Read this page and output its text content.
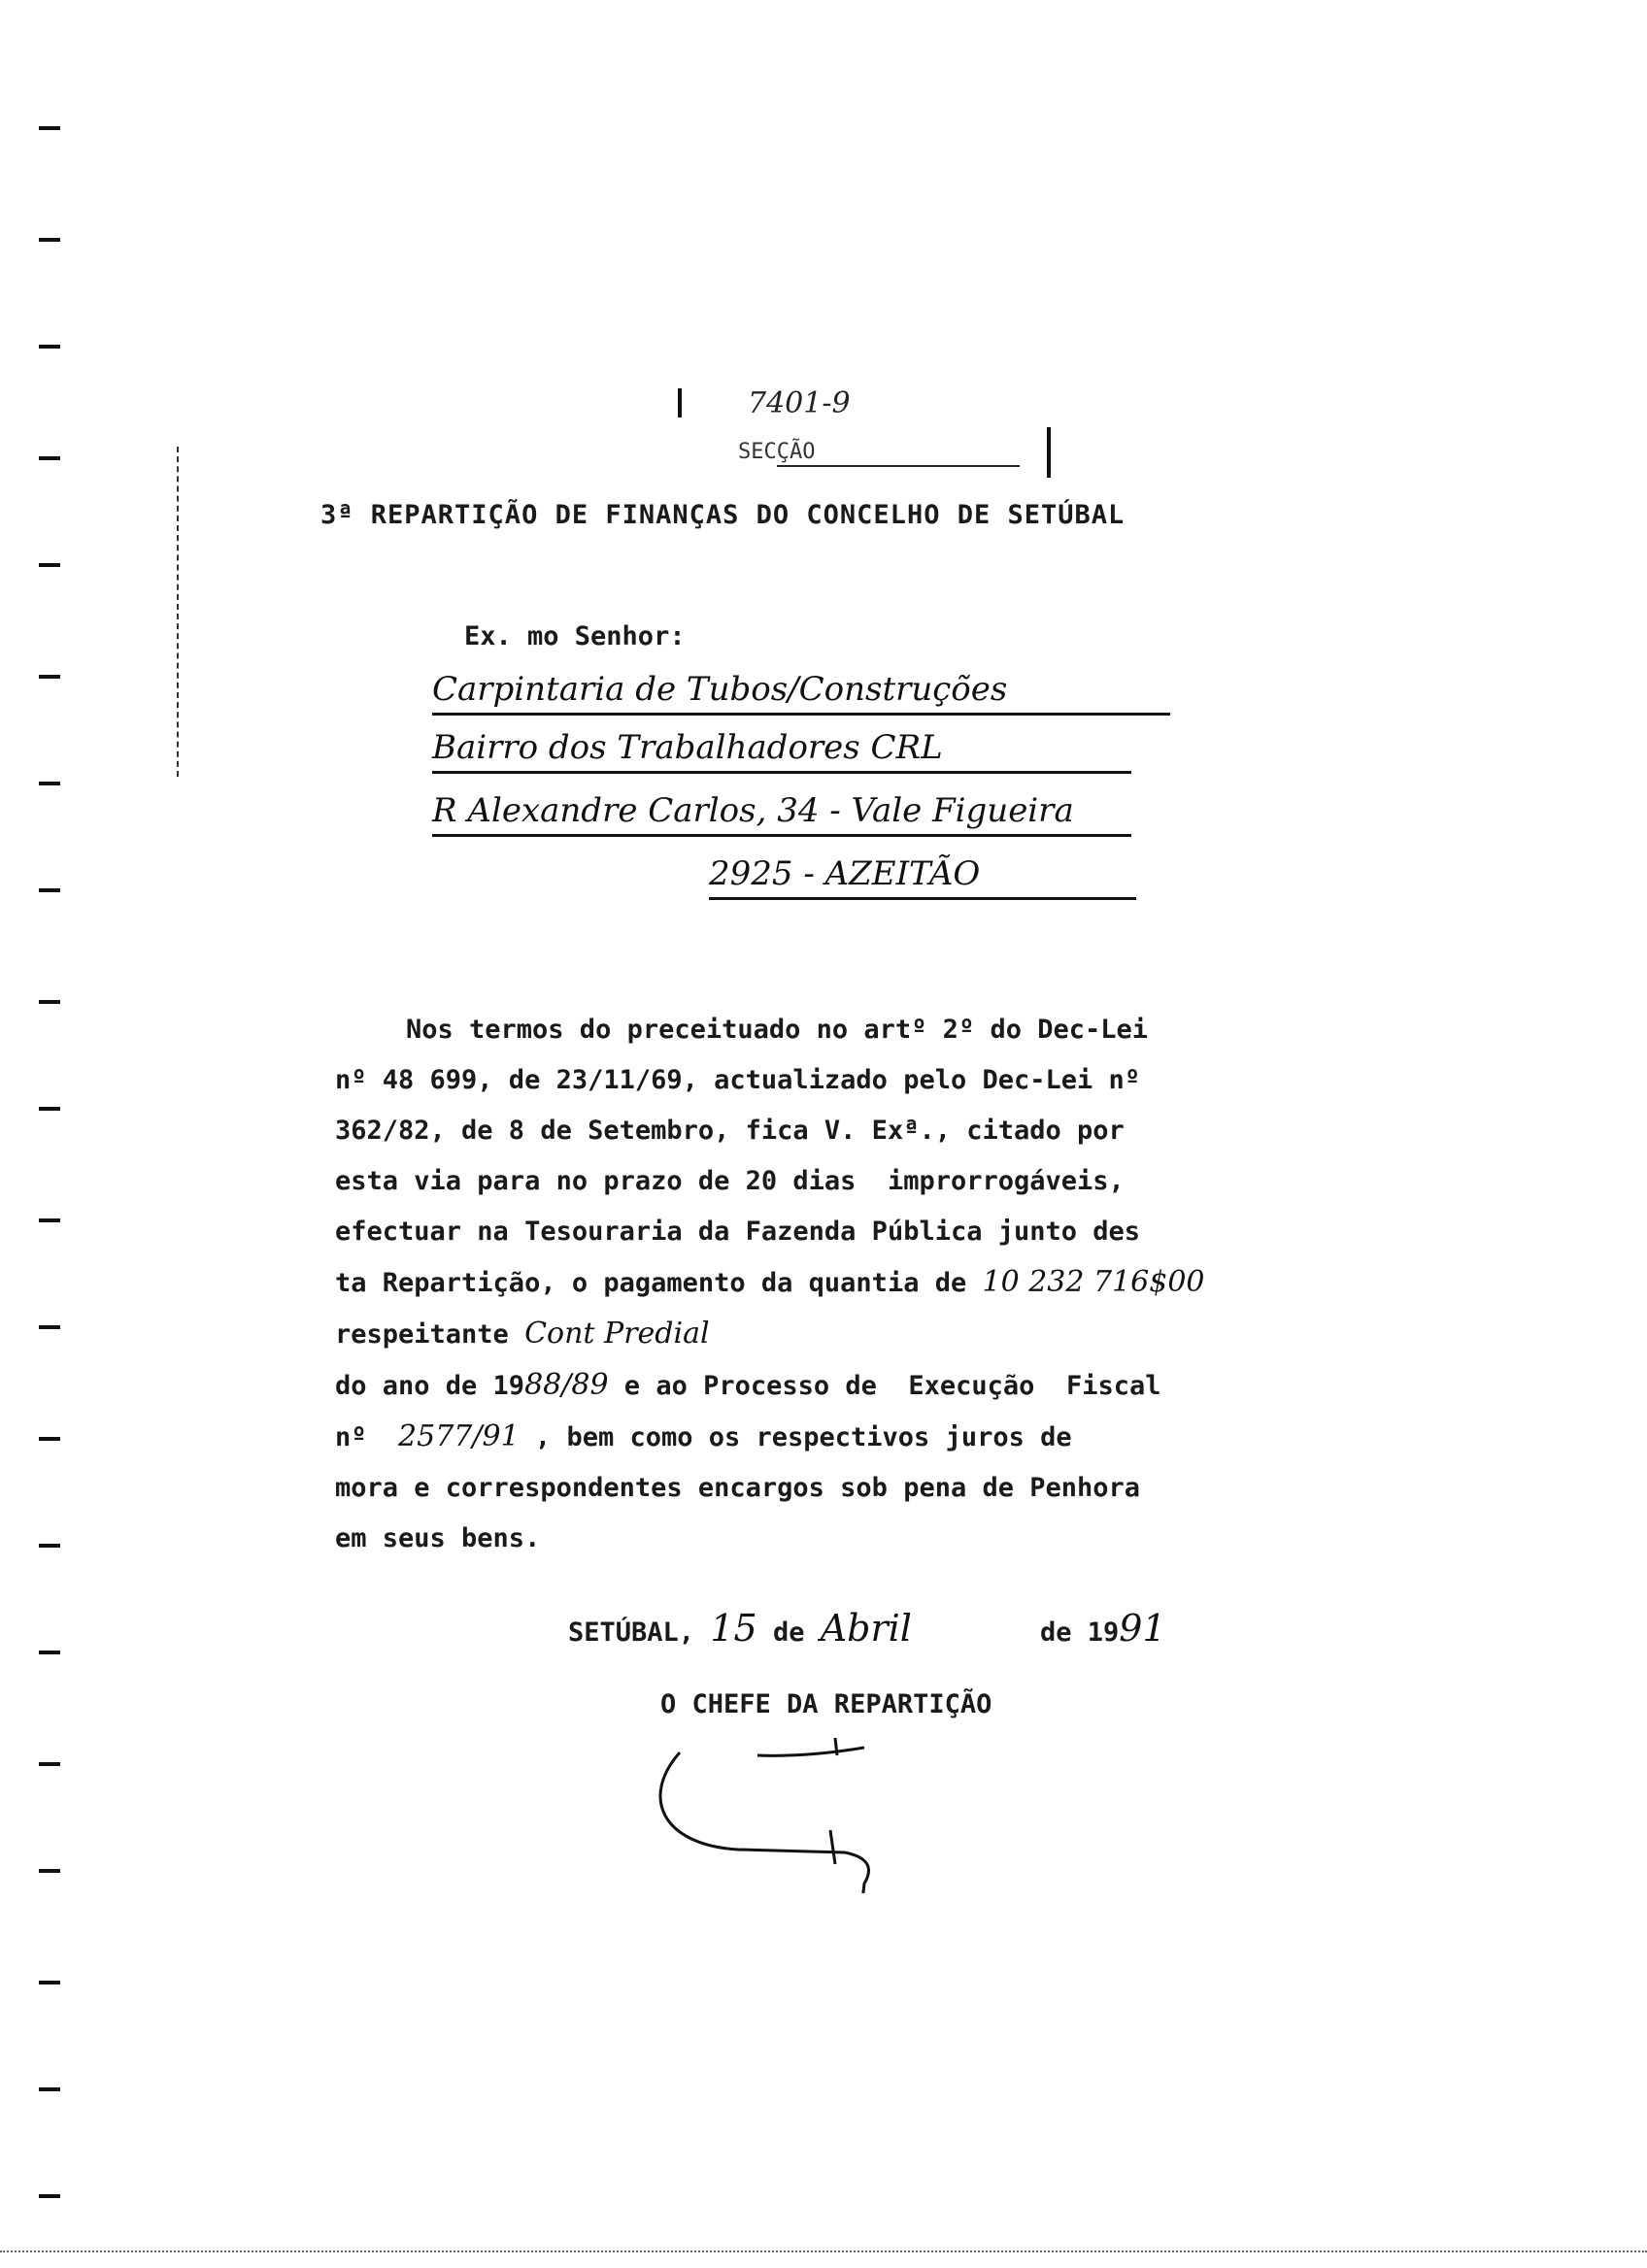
7401-9
SECÇÃO
3ª REPARTIÇÃO DE FINANÇAS DO CONCELHO DE SETÚBAL
Ex. mo Senhor:
Carpintaria de Tubos/Construções
Bairro dos Trabalhadores CRL
R Alexandre Carlos, 34 - Vale Figueira
2925 - AZEITÃO
Nos termos do preceituado no artº 2º do Dec-Lei
nº 48 699, de 23/11/69, actualizado pelo Dec-Lei nº
362/82, de 8 de Setembro, fica V. Exª., citado por
esta via para no prazo de 20 dias  improrrogáveis,
efectuar na Tesouraria da Fazenda Pública junto des
ta Repartição, o pagamento da quantia de 10 232 716$00
respeitante Cont Predial
do ano de 1988/89 e ao Processo de  Execução  Fiscal
nº  2577/91 , bem como os respectivos juros de
mora e correspondentes encargos sob pena de Penhora
em seus bens.
SETÚBAL, 15 de Abril	de 1991
O CHEFE DA REPARTIÇÃO
